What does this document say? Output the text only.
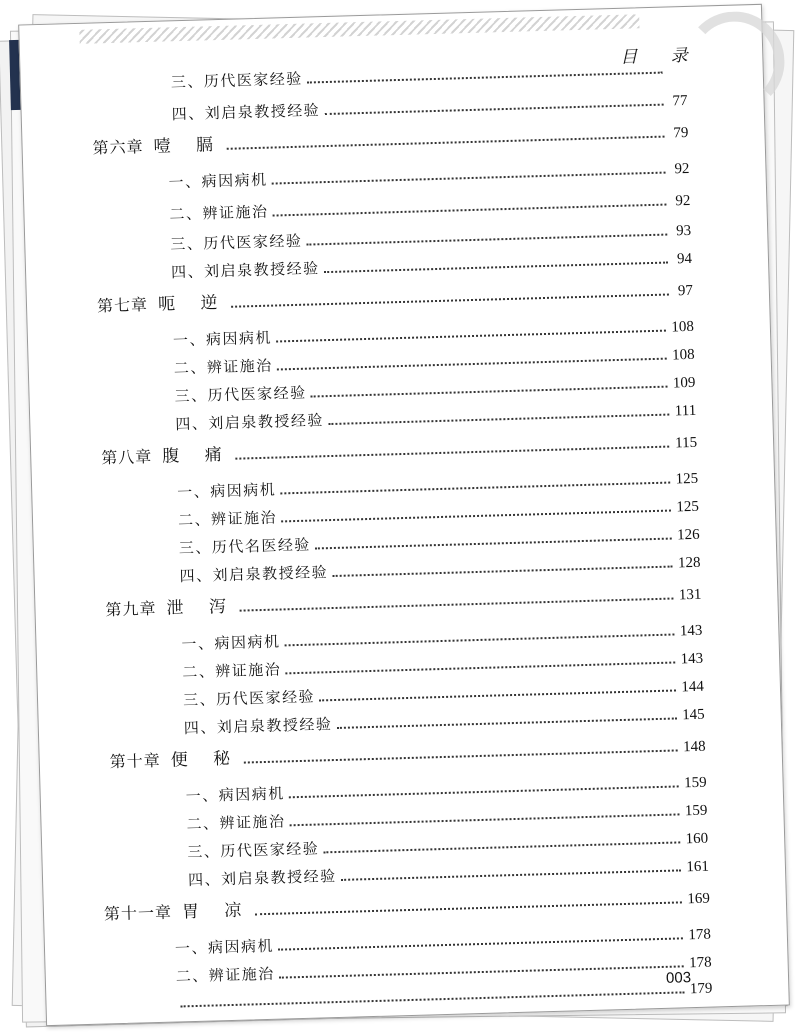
目 录
三、历代医家经验
四、刘启泉教授经验
77
第六章 噎 膈
79
一、病因病机
92
二、辨证施治
92
三、历代医家经验
93
四、刘启泉教授经验
94
第七章 呃 逆
97
一、病因病机
108
二、辨证施治
108
三、历代医家经验
109
四、刘启泉教授经验
111
第八章 腹 痛
115
一、病因病机
125
二、辨证施治
125
三、历代名医经验
126
四、刘启泉教授经验
128
第九章 泄 泻
131
一、病因病机
143
二、辨证施治
143
三、历代医家经验
144
四、刘启泉教授经验
145
第十章 便 秘
148
一、病因病机
159
二、辨证施治
159
三、历代医家经验
160
四、刘启泉教授经验
161
第十一章 胃 凉
169
一、病因病机
178
二、辨证施治
178
179
003
